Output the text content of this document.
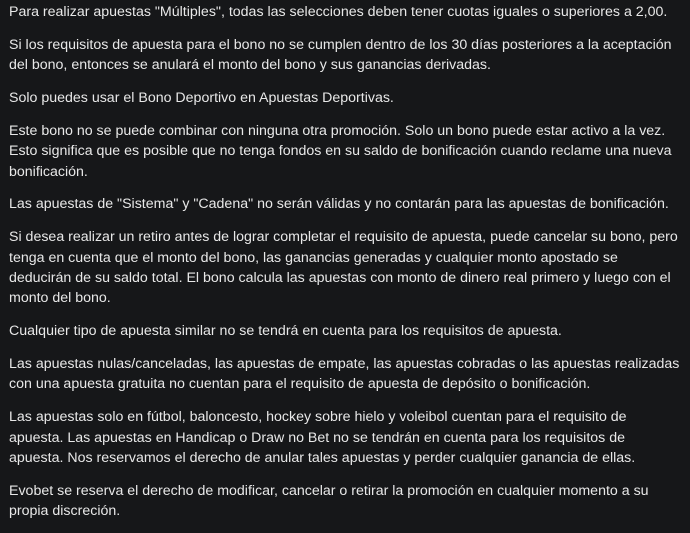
Para realizar apuestas "Múltiples", todas las selecciones deben tener cuotas iguales o superiores a 2,00.

Si los requisitos de apuesta para el bono no se cumplen dentro de los 30 días posteriores a la aceptación del bono, entonces se anulará el monto del bono y sus ganancias derivadas.

Solo puedes usar el Bono Deportivo en Apuestas Deportivas.

Este bono no se puede combinar con ninguna otra promoción. Solo un bono puede estar activo a la vez. Esto significa que es posible que no tenga fondos en su saldo de bonificación cuando reclame una nueva bonificación.

Las apuestas de "Sistema" y "Cadena" no serán válidas y no contarán para las apuestas de bonificación.

Si desea realizar un retiro antes de lograr completar el requisito de apuesta, puede cancelar su bono, pero tenga en cuenta que el monto del bono, las ganancias generadas y cualquier monto apostado se deducirán de su saldo total. El bono calcula las apuestas con monto de dinero real primero y luego con el monto del bono.

Cualquier tipo de apuesta similar no se tendrá en cuenta para los requisitos de apuesta.

Las apuestas nulas/canceladas, las apuestas de empate, las apuestas cobradas o las apuestas realizadas con una apuesta gratuita no cuentan para el requisito de apuesta de depósito o bonificación.

Las apuestas solo en fútbol, baloncesto, hockey sobre hielo y voleibol cuentan para el requisito de apuesta. Las apuestas en Handicap o Draw no Bet no se tendrán en cuenta para los requisitos de apuesta. Nos reservamos el derecho de anular tales apuestas y perder cualquier ganancia de ellas.

Evobet se reserva el derecho de modificar, cancelar o retirar la promoción en cualquier momento a su propia discreción.
